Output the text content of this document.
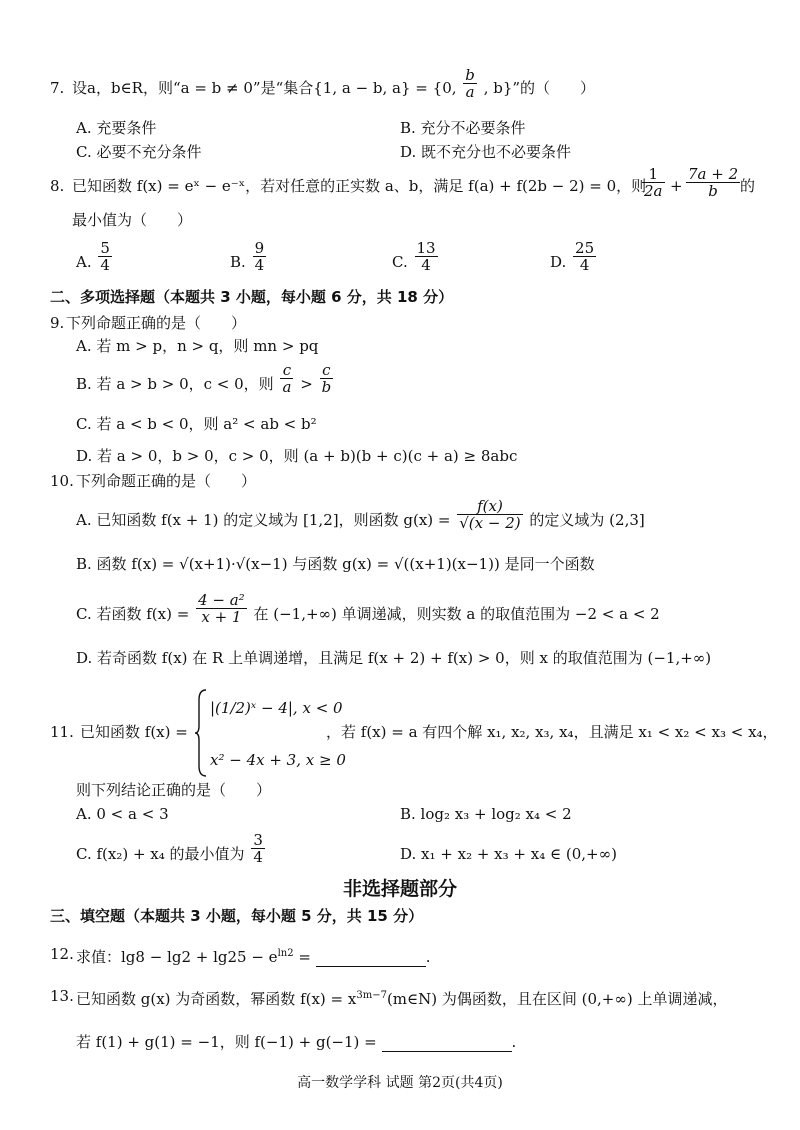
7. 设a，b∈R，则“a = b ≠ 0”是“集合{1, a − b, a} = {0, $\frac{b}{a}$ , b}”的（　　）
A. 充要条件	B. 充分不必要条件
C. 必要不充分条件	D. 既不充分也不必要条件
8. 已知函数 f(x) = eˣ − e⁻ˣ，若对任意的正实数 a、b，满足 f(a) + f(2b − 2) = 0，则
$\frac{1}{2a} + \frac{7a + 2}{b}$ 的
最小值为（　　）
A. $\frac{5}{4}$	B. $\frac{9}{4}$	C. $\frac{13}{4}$	D. $\frac{25}{4}$
二、多项选择题（本题共 3 小题，每小题 6 分，共 18 分）
9. 下列命题正确的是（　　）
A. 若 m > p，n > q，则 mn > pq
B. 若 a > b > 0，c < 0，则 $\frac{c}{a} > \frac{c}{b}$
C. 若 a < b < 0，则 a² < ab < b²
D. 若 a > 0，b > 0，c > 0，则 (a + b)(b + c)(c + a) ≥ 8abc
10. 下列命题正确的是（　　）
A. 已知函数 f(x + 1) 的定义域为 [1,2]，则函数 $g(x) = \frac{f(x)}{√(x - 2)}$ 的定义域为 (2,3]
B. 函数 f(x) = √(x+1)·√(x−1) 与函数 g(x) = √((x+1)(x−1)) 是同一个函数
C. 若函数 $f(x) = \frac{\text{4 − a²}}{x + 1}$ 在 (−1,+∞) 单调递减，则实数 a 的取值范围为 −2 < a < 2
D. 若奇函数 f(x) 在 R 上单调递增，且满足 f(x + 2) + f(x) > 0，则 x 的取值范围为 (−1,+∞)
11. 已知函数 f(x) =
|(1/2)ˣ − 4|, x < 0
x² − 4x + 3, x ≥ 0
，若 f(x) = a 有四个解 x₁, x₂, x₃, x₄，且满足 x₁ < x₂ < x₃ < x₄，
则下列结论正确的是（　　）
A. 0 < a < 3	B. log₂ x₃ + log₂ x₄ < 2
C. f(x₂) + x₄ 的最小值为 $\frac{3}{4}$	D. x₁ + x₂ + x₃ + x₄ ∈ (0,+∞)
非选择题部分
三、填空题（本题共 3 小题，每小题 5 分，共 15 分）
12. 求值：$\lg 8 - \lg 2 + \lg 25 - e^{ln2}$ =	.
13. 已知函数 g(x) 为奇函数，幂函数 $f(x) = x^{3m-7}(m\in N)$ 为偶函数，且在区间 (0,+∞) 上单调递减，
若 f(1) + g(1) = −1，则 f(−1) + g(−1) =	.
高一数学学科 试题 第2页(共4页)
